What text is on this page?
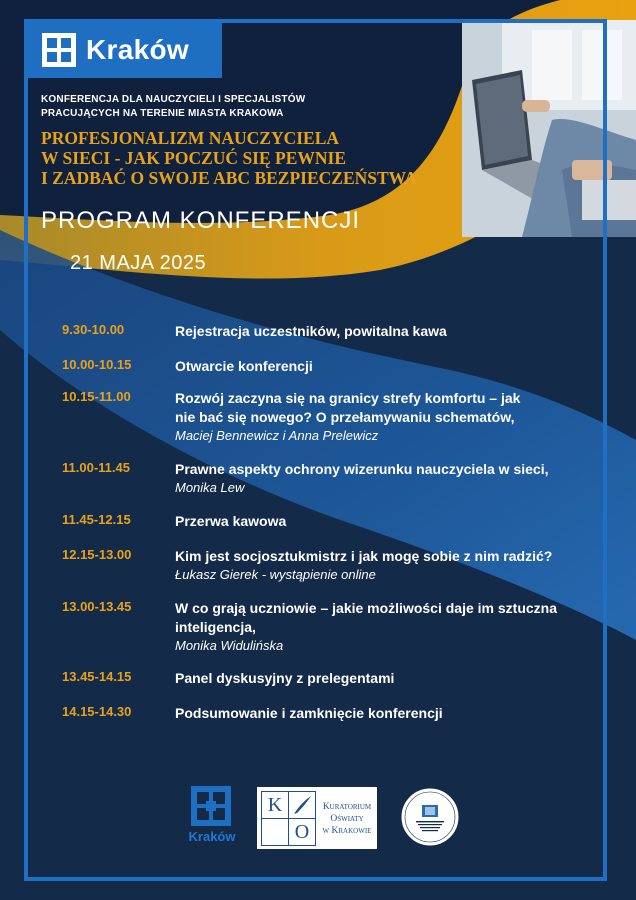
Kraków
KONFERENCJA DLA NAUCZYCIELI I SPECJALISTÓW
PRACUJĄCYCH NA TERENIE MIASTA KRAKOWA
PROFESJONALIZM NAUCZYCIELA
W SIECI - JAK POCZUĆ SIĘ PEWNIE
I ZADBAĆ O SWOJE ABC BEZPIECZEŃSTWA
PROGRAM KONFERENCJI
21 MAJA 2025
9.30-10.00	Rejestracja uczestników, powitalna kawa
10.00-10.15	Otwarcie konferencji
10.15-11.00	Rozwój zaczyna się na granicy strefy komfortu – jak
nie bać się nowego? O przełamywaniu schematów,
Maciej Bennewicz i Anna Prelewicz
11.00-11.45	Prawne aspekty ochrony wizerunku nauczyciela w sieci,
Monika Lew
11.45-12.15	Przerwa kawowa
12.15-13.00	Kim jest socjosztukmistrz i jak mogę sobie z nim radzić?
Łukasz Gierek - wystąpienie online
13.00-13.45	W co grają uczniowie – jakie możliwości daje im sztuczna
inteligencja,
Monika Widulińska
13.45-14.15	Panel dyskusyjny z prelegentami
14.15-14.30	Podsumowanie i zamknięcie konferencji
Kraków
K
O
Kuratorium
Oświaty
w Krakowie
